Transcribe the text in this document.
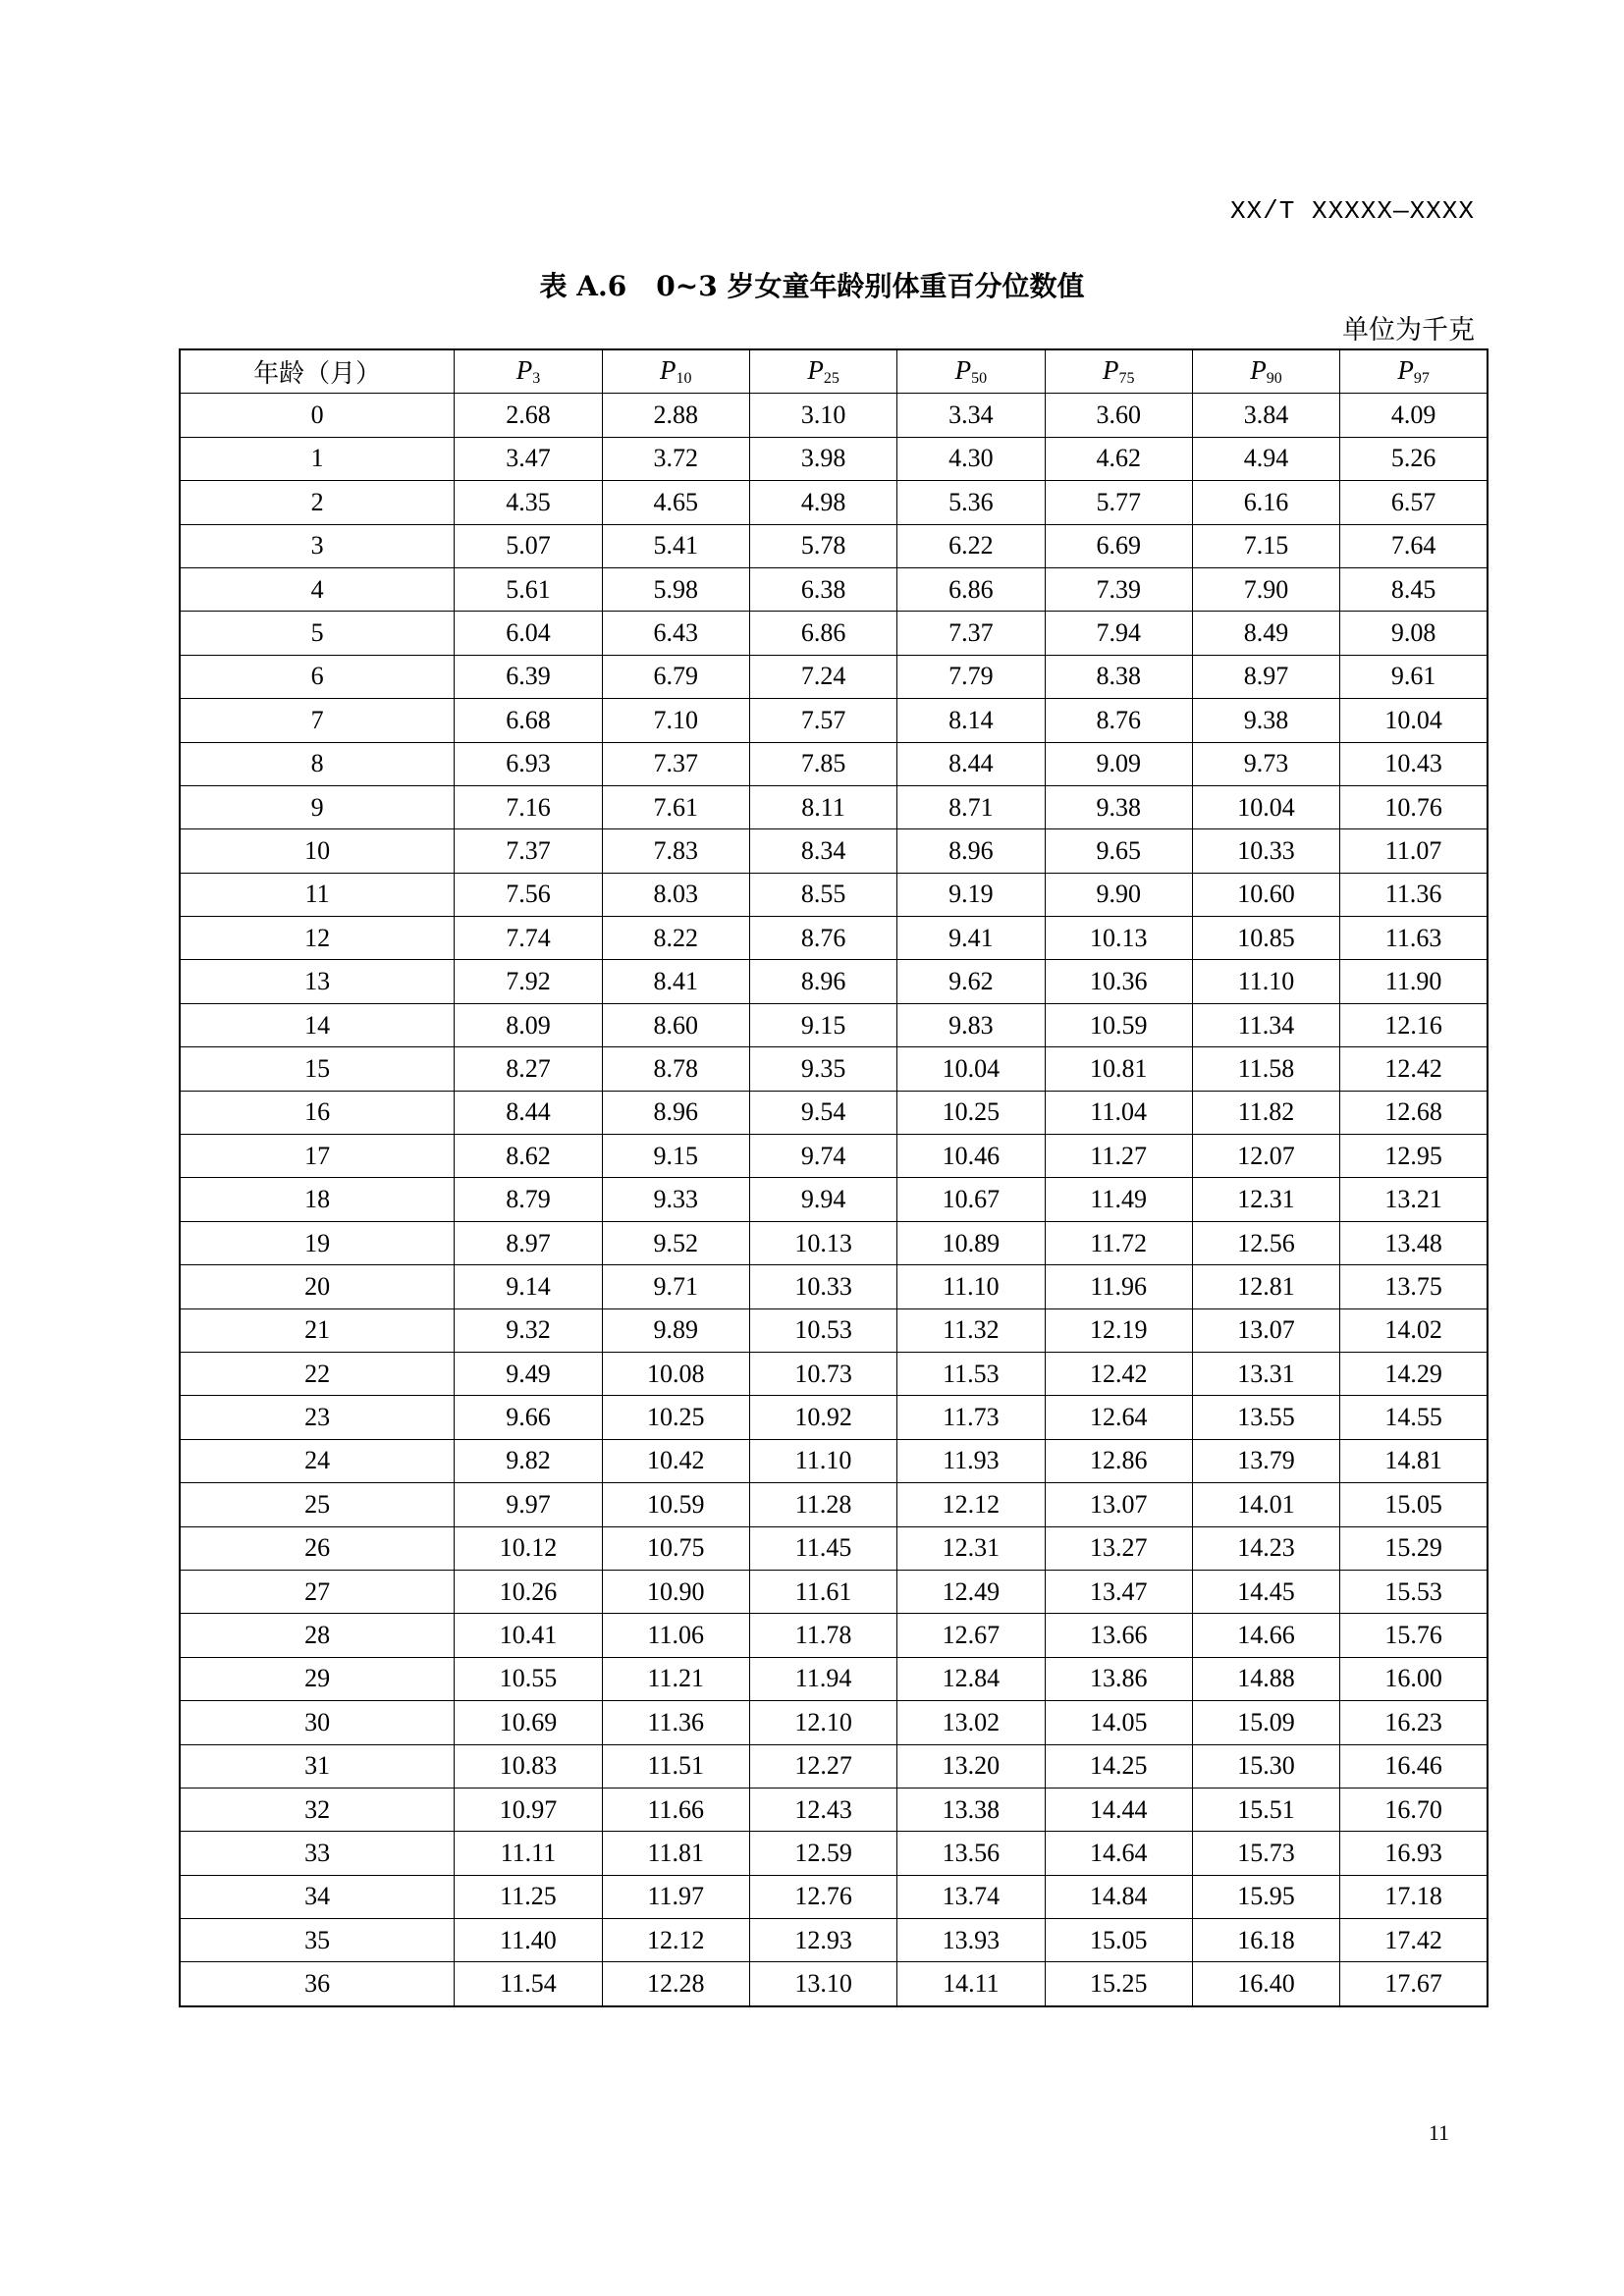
XX/T XXXXX—XXXX
表 A.6 0~3 岁女童年龄别体重百分位数值
单位为千克
年龄（月）	$P_3$	$P_{10}$	$P_{25}$	$P_{50}$	$P_{75}$	$P_{90}$	$P_{97}$
0	2.68	2.88	3.10	3.34	3.60	3.84	4.09
1	3.47	3.72	3.98	4.30	4.62	4.94	5.26
2	4.35	4.65	4.98	5.36	5.77	6.16	6.57
3	5.07	5.41	5.78	6.22	6.69	7.15	7.64
4	5.61	5.98	6.38	6.86	7.39	7.90	8.45
5	6.04	6.43	6.86	7.37	7.94	8.49	9.08
6	6.39	6.79	7.24	7.79	8.38	8.97	9.61
7	6.68	7.10	7.57	8.14	8.76	9.38	10.04
8	6.93	7.37	7.85	8.44	9.09	9.73	10.43
9	7.16	7.61	8.11	8.71	9.38	10.04	10.76
10	7.37	7.83	8.34	8.96	9.65	10.33	11.07
11	7.56	8.03	8.55	9.19	9.90	10.60	11.36
12	7.74	8.22	8.76	9.41	10.13	10.85	11.63
13	7.92	8.41	8.96	9.62	10.36	11.10	11.90
14	8.09	8.60	9.15	9.83	10.59	11.34	12.16
15	8.27	8.78	9.35	10.04	10.81	11.58	12.42
16	8.44	8.96	9.54	10.25	11.04	11.82	12.68
17	8.62	9.15	9.74	10.46	11.27	12.07	12.95
18	8.79	9.33	9.94	10.67	11.49	12.31	13.21
19	8.97	9.52	10.13	10.89	11.72	12.56	13.48
20	9.14	9.71	10.33	11.10	11.96	12.81	13.75
21	9.32	9.89	10.53	11.32	12.19	13.07	14.02
22	9.49	10.08	10.73	11.53	12.42	13.31	14.29
23	9.66	10.25	10.92	11.73	12.64	13.55	14.55
24	9.82	10.42	11.10	11.93	12.86	13.79	14.81
25	9.97	10.59	11.28	12.12	13.07	14.01	15.05
26	10.12	10.75	11.45	12.31	13.27	14.23	15.29
27	10.26	10.90	11.61	12.49	13.47	14.45	15.53
28	10.41	11.06	11.78	12.67	13.66	14.66	15.76
29	10.55	11.21	11.94	12.84	13.86	14.88	16.00
30	10.69	11.36	12.10	13.02	14.05	15.09	16.23
31	10.83	11.51	12.27	13.20	14.25	15.30	16.46
32	10.97	11.66	12.43	13.38	14.44	15.51	16.70
33	11.11	11.81	12.59	13.56	14.64	15.73	16.93
34	11.25	11.97	12.76	13.74	14.84	15.95	17.18
35	11.40	12.12	12.93	13.93	15.05	16.18	17.42
36	11.54	12.28	13.10	14.11	15.25	16.40	17.67
11
